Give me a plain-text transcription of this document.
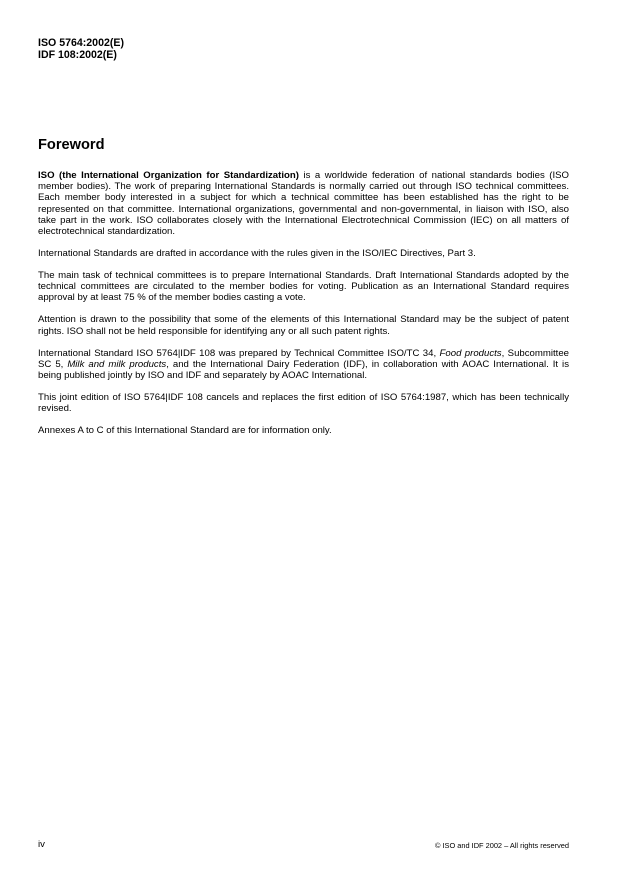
ISO 5764:2002(E)
IDF 108:2002(E)
Foreword

ISO (the International Organization for Standardization) is a worldwide federation of national standards bodies (ISO member bodies). The work of preparing International Standards is normally carried out through ISO technical committees. Each member body interested in a subject for which a technical committee has been established has the right to be represented on that committee. International organizations, governmental and non-governmental, in liaison with ISO, also take part in the work. ISO collaborates closely with the International Electrotechnical Commission (IEC) on all matters of electrotechnical standardization.

International Standards are drafted in accordance with the rules given in the ISO/IEC Directives, Part 3.

The main task of technical committees is to prepare International Standards. Draft International Standards adopted by the technical committees are circulated to the member bodies for voting. Publication as an International Standard requires approval by at least 75 % of the member bodies casting a vote.

Attention is drawn to the possibility that some of the elements of this International Standard may be the subject of patent rights. ISO shall not be held responsible for identifying any or all such patent rights.

International Standard ISO 5764|IDF 108 was prepared by Technical Committee ISO/TC 34, Food products, Subcommittee SC 5, Milk and milk products, and the International Dairy Federation (IDF), in collaboration with AOAC International. It is being published jointly by ISO and IDF and separately by AOAC International.

This joint edition of ISO 5764|IDF 108 cancels and replaces the first edition of ISO 5764:1987, which has been technically revised.

Annexes A to C of this International Standard are for information only.

iv	© ISO and IDF 2002 – All rights reserved
